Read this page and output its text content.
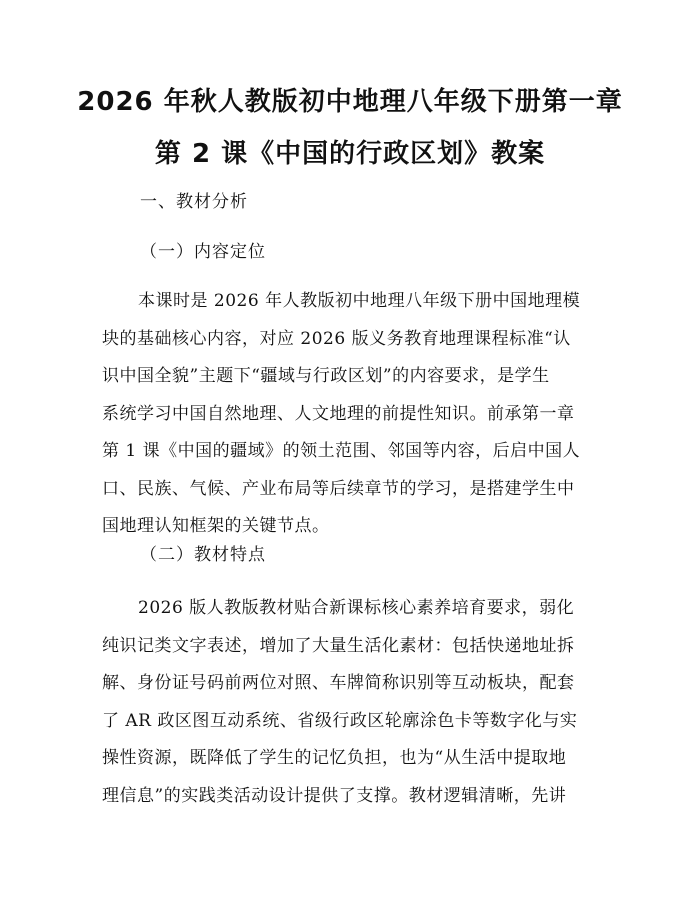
2026 年秋人教版初中地理八年级下册第一章
第 2 课《中国的行政区划》教案
一、教材分析
（一）内容定位
本课时是 2026 年人教版初中地理八年级下册中国地理模
块的基础核心内容，对应 2026 版义务教育地理课程标准“认
识中国全貌”主题下“疆域与行政区划”的内容要求，是学生
系统学习中国自然地理、人文地理的前提性知识。前承第一章
第 1 课《中国的疆域》的领土范围、邻国等内容，后启中国人
口、民族、气候、产业布局等后续章节的学习，是搭建学生中
国地理认知框架的关键节点。
（二）教材特点
2026 版人教版教材贴合新课标核心素养培育要求，弱化
纯识记类文字表述，增加了大量生活化素材：包括快递地址拆
解、身份证号码前两位对照、车牌简称识别等互动板块，配套
了 AR 政区图互动系统、省级行政区轮廓涂色卡等数字化与实
操性资源，既降低了学生的记忆负担，也为“从生活中提取地
理信息”的实践类活动设计提供了支撑。教材逻辑清晰，先讲
